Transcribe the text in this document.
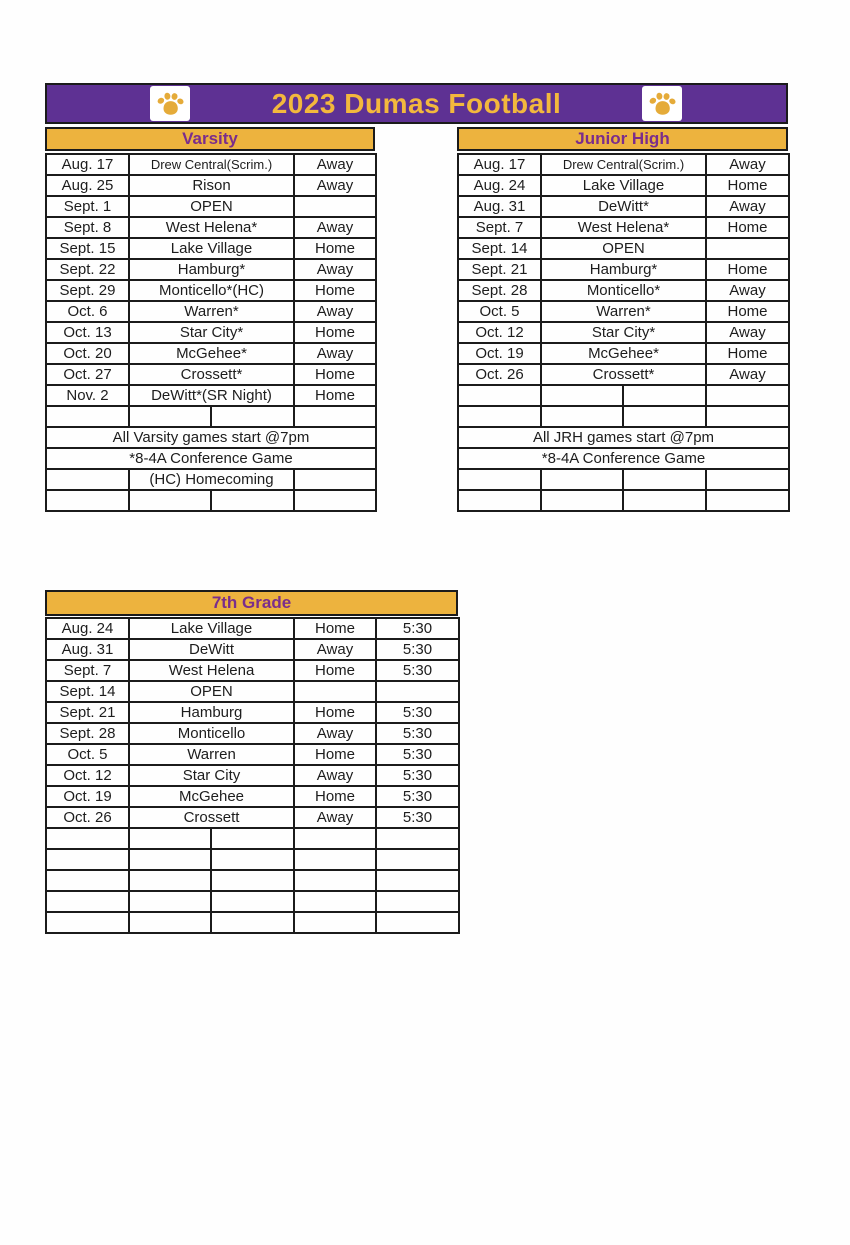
2023 Dumas Football
Varsity
Aug. 17	Drew Central(Scrim.)		Away
Aug. 25	Rison		Away
Sept. 1	OPEN		
Sept. 8	West Helena*		Away
Sept. 15	Lake Village		Home
Sept. 22	Hamburg*		Away
Sept. 29	Monticello*(HC)		Home
Oct. 6	Warren*		Away
Oct. 13	Star City*		Home
Oct. 20	McGehee*		Away
Oct. 27	Crossett*		Home
Nov. 2	DeWitt*(SR Night)		Home

All Varsity games start @7pm			
*8-4A Conference Game			
	(HC) Homecoming		

Junior High
Aug. 17	Drew Central(Scrim.)		Away
Aug. 24	Lake Village		Home
Aug. 31	DeWitt*		Away
Sept. 7	West Helena*		Home
Sept. 14	OPEN		
Sept. 21	Hamburg*		Home
Sept. 28	Monticello*		Away
Oct. 5	Warren*		Home
Oct. 12	Star City*		Away
Oct. 19	McGehee*		Home
Oct. 26	Crossett*		Away

All JRH games start @7pm			
*8-4A Conference Game			

7th Grade
Aug. 24	Lake Village		Home	5:30
Aug. 31	DeWitt		Away	5:30
Sept. 7	West Helena		Home	5:30
Sept. 14	OPEN			
Sept. 21	Hamburg		Home	5:30
Sept. 28	Monticello		Away	5:30
Oct. 5	Warren		Home	5:30
Oct. 12	Star City		Away	5:30
Oct. 19	McGehee		Home	5:30
Oct. 26	Crossett		Away	5:30
